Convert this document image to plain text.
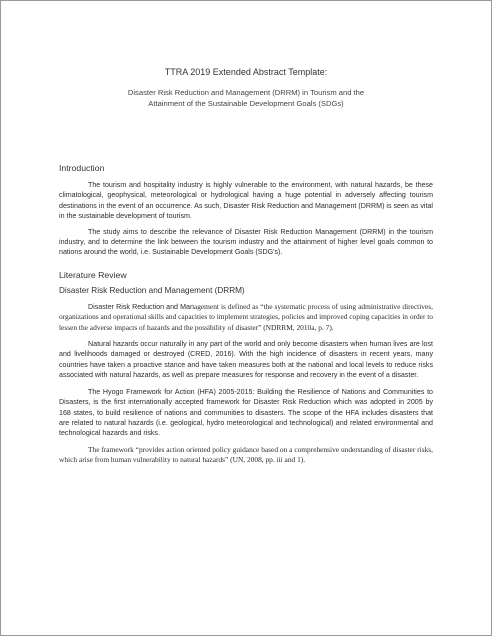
TTRA 2019 Extended Abstract Template:
Disaster Risk Reduction and Management (DRRM) in Tourism and the
Attainment of the Sustainable Development Goals (SDGs)
Introduction

The tourism and hospitality industry is highly vulnerable to the environment, with natural hazards, be these climatological, geophysical, meteorological or hydrological having a huge potential in adversely affecting tourism destinations in the event of an occurrence. As such, Disaster Risk Reduction and Management (DRRM) is seen as vital in the sustainable development of tourism.

The study aims to describe the relevance of Disaster Risk Reduction Management (DRRM) in the tourism industry, and to determine the link between the tourism industry and the attainment of higher level goals common to nations around the world, i.e. Sustainable Development Goals (SDG's).

Literature Review
Disaster Risk Reduction and Management (DRRM)

Disaster Risk Reduction and Management is defined as “the systematic process of using administrative directives, organizations and operational skills and capacities to implement strategies, policies and improved coping capacities in order to lessen the adverse impacts of hazards and the possibility of disaster” (NDRRM, 2010a, p. 7).

Natural hazards occur naturally in any part of the world and only become disasters when human lives are lost and livelihoods damaged or destroyed (CRED, 2016). With the high incidence of disasters in recent years, many countries have taken a proactive stance and have taken measures both at the national and local levels to reduce risks associated with natural hazards, as well as prepare measures for response and recovery in the event of a disaster.

The Hyogo Framework for Action (HFA) 2005-2015: Building the Resilience of Nations and Communities to Disasters, is the first internationally accepted framework for Disaster Risk Reduction which was adopted in 2005 by 168 states, to build resilience of nations and communities to disasters. The scope of the HFA includes disasters that are related to natural hazards (i.e. geological, hydro meteorological and technological) and related environmental and technological hazards and risks.

The framework “provides action oriented policy guidance based on a comprehensive understanding of disaster risks, which arise from human vulnerability to natural hazards” (UN, 2008, pp. iii and 1).
